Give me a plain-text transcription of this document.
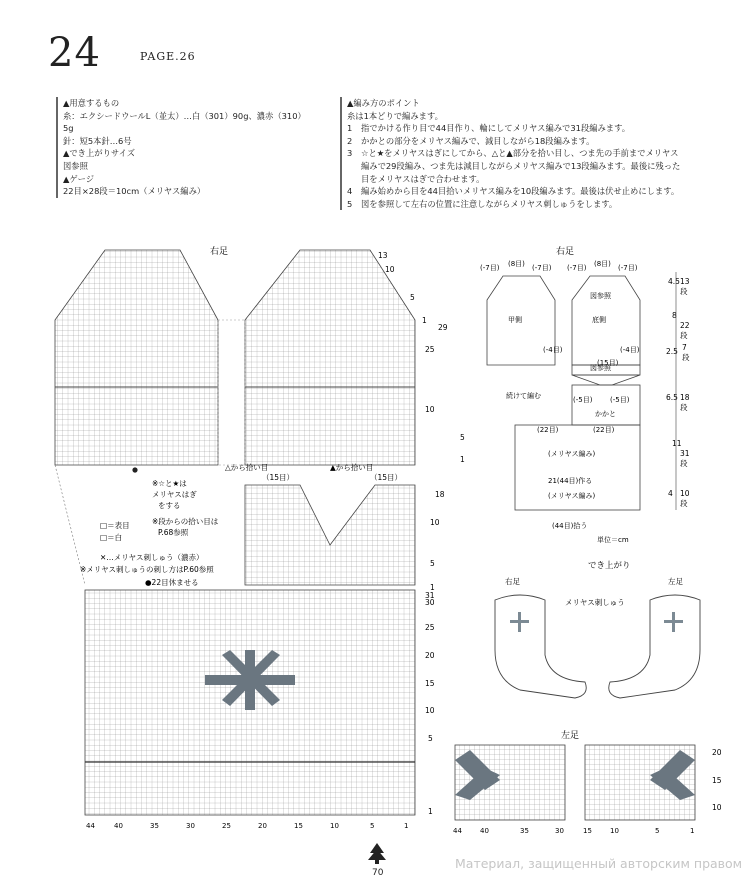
24	PAGE.26
▲用意するもの
糸：エクシードウールL（並太）…白（301）90g、濃赤（310）
5g
針：短5本針…6号
▲でき上がりサイズ
図参照
▲ゲージ
22目×28段＝10cm（メリヤス編み）
▲編み方のポイント
糸は1本どりで編みます。
1	指でかける作り目で44目作り、輪にしてメリヤス編みで31段編みます。
2	かかとの部分をメリヤス編みで、減目しながら18段編みます。
3	☆と★をメリヤスはぎにしてから、△と▲部分を拾い目し、つま先の手前までメリヤス編みで29段編み、つま先は減目しながらメリヤス編みで13段編みます。最後に残った目をメリヤスはぎで合わせます。
4	編み始めから目を44目拾いメリヤス編みを10段編みます。最後は伏せ止めにします。
5	図を参照して左右の位置に注意しながらメリヤス刺しゅうをします。
右足	13
10
5
1
29
25
10
5
1
△から拾い目	▲から拾い目
（15目）	（15目）
18
10
5
1
※☆と★は
メリヤスはぎ
をする
※段からの拾い目は
P.68参照
□＝表目
□＝白
✕…メリヤス刺しゅう（濃赤）
※メリヤス刺しゅうの刺し方はP.60参照
●22目休ませる
31
30
25
20
15
10
5
1
44	40	35	30	25	20	15	10	5	1
右足
(-7目) (8目) (-7目) (-7目) (8目) (-7目)
甲側	底側
図参照
図参照
(-4目)	(-4目)
(15目)
続けて編む	(-5目)	(-5目)
かかと
(22目)	(22目)
(メリヤス編み)
(メリヤス編み)
21(44目)作る
(44目)拾う
単位＝cm
4.5 13
段
8
22
段
2.5 7
段
6.5 18
段
11
31
段
4 10
段
でき上がり
右足	左足
メリヤス刺しゅう
左足
20
15
10
44	40	35	30	15	10	5	1
70
Материал, защищенный авторским правом
